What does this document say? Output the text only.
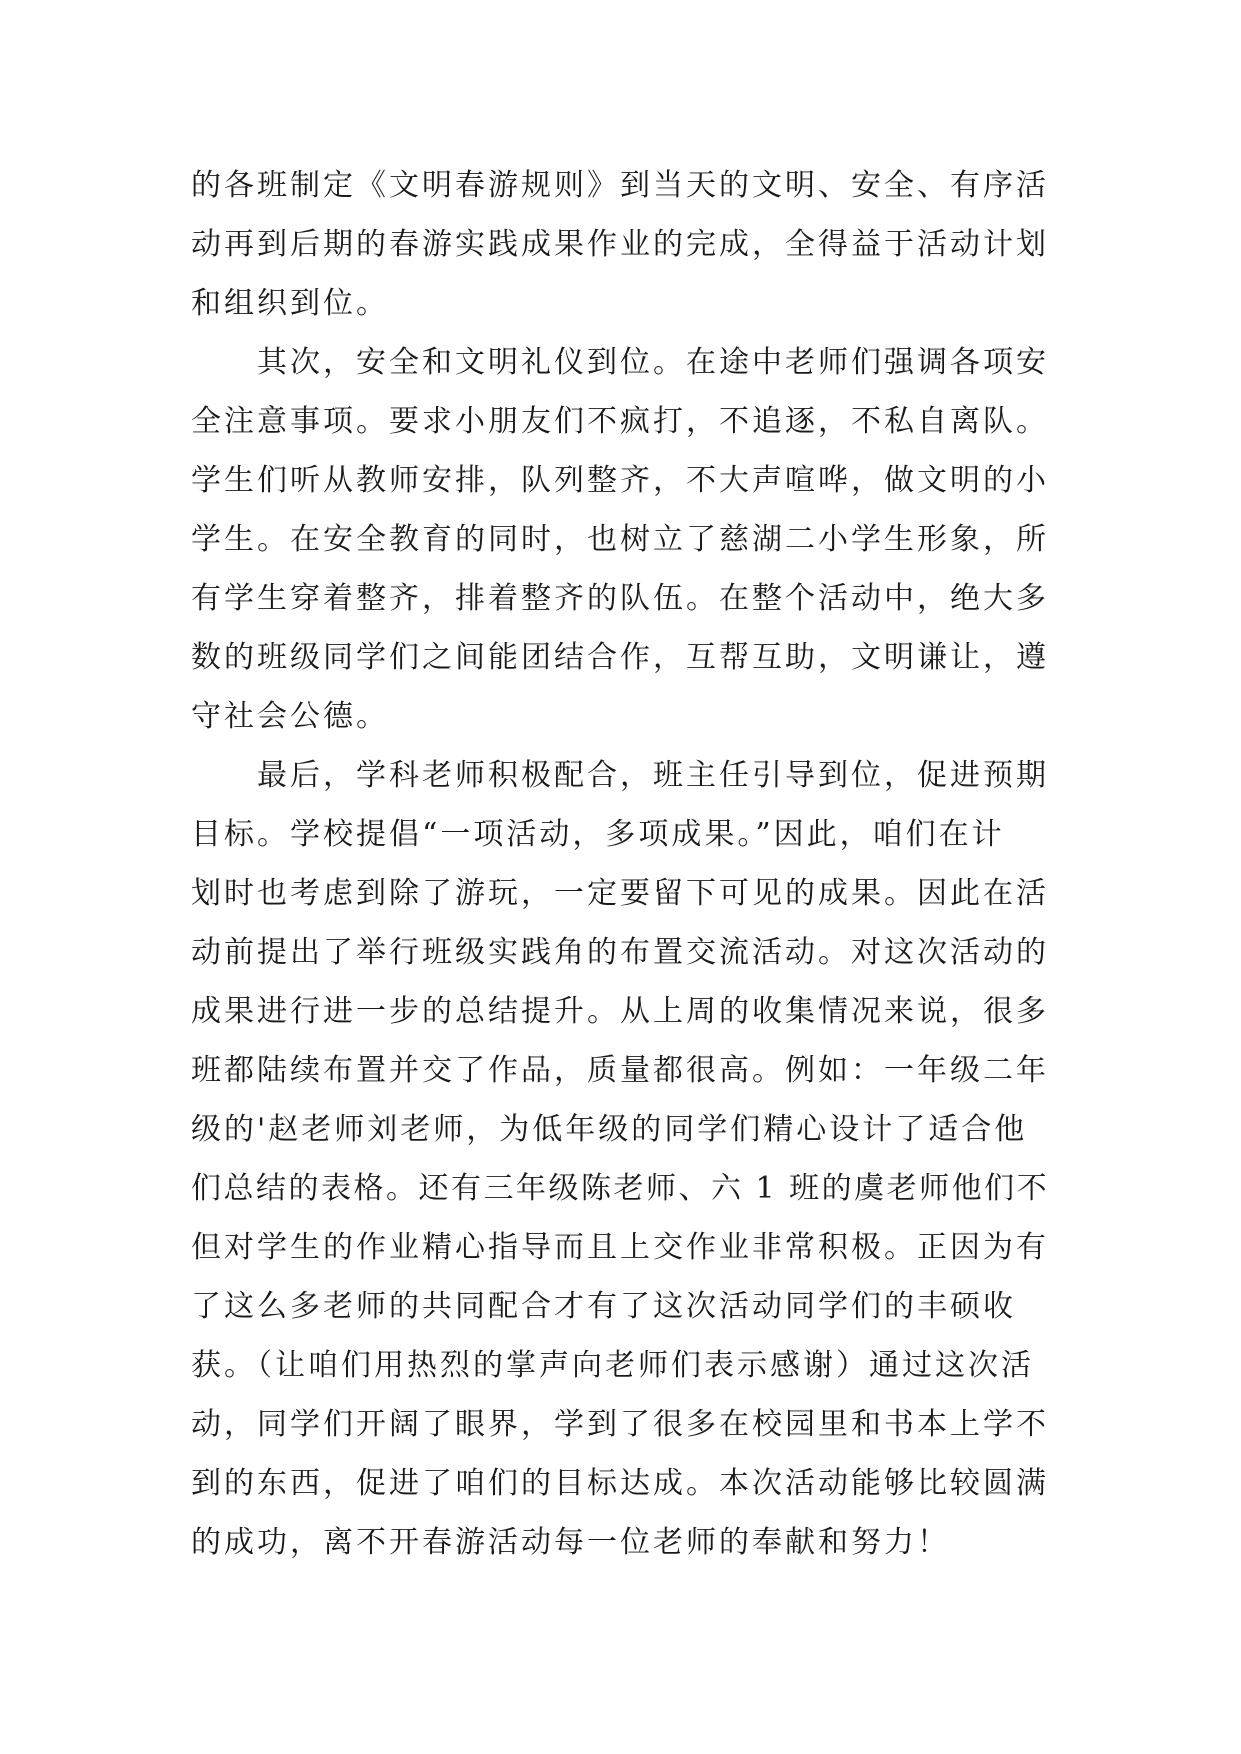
的各班制定《文明春游规则》到当天的文明、安全、有序活
动再到后期的春游实践成果作业的完成，全得益于活动计划
和组织到位。
其次，安全和文明礼仪到位。在途中老师们强调各项安
全注意事项。要求小朋友们不疯打，不追逐，不私自离队。
学生们听从教师安排，队列整齐，不大声喧哗，做文明的小
学生。在安全教育的同时，也树立了慈湖二小学生形象，所
有学生穿着整齐，排着整齐的队伍。在整个活动中，绝大多
数的班级同学们之间能团结合作，互帮互助，文明谦让，遵
守社会公德。
最后，学科老师积极配合，班主任引导到位，促进预期
目标。学校提倡“一项活动，多项成果。”因此，咱们在计
划时也考虑到除了游玩，一定要留下可见的成果。因此在活
动前提出了举行班级实践角的布置交流活动。对这次活动的
成果进行进一步的总结提升。从上周的收集情况来说，很多
班都陆续布置并交了作品，质量都很高。例如：一年级二年
级的'赵老师刘老师，为低年级的同学们精心设计了适合他
们总结的表格。还有三年级陈老师、六 1 班的虞老师他们不
但对学生的作业精心指导而且上交作业非常积极。正因为有
了这么多老师的共同配合才有了这次活动同学们的丰硕收
获。（让咱们用热烈的掌声向老师们表示感谢）通过这次活
动，同学们开阔了眼界，学到了很多在校园里和书本上学不
到的东西，促进了咱们的目标达成。本次活动能够比较圆满
的成功，离不开春游活动每一位老师的奉献和努力！
